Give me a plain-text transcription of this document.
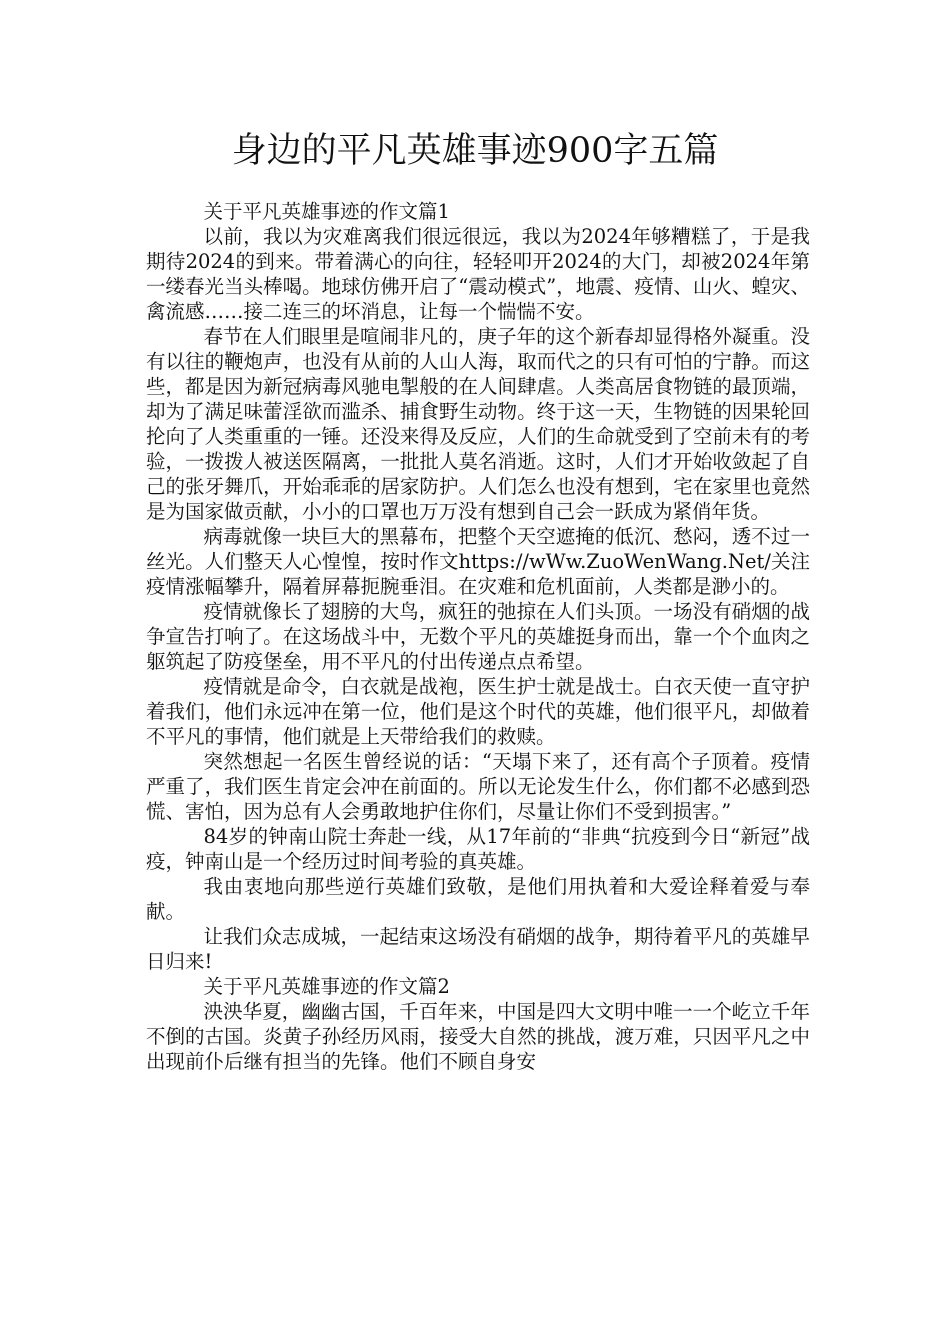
身边的平凡英雄事迹900字五篇

关于平凡英雄事迹的作文篇1

以前，我以为灾难离我们很远很远，我以为2024年够糟糕了，于是我期待2024的到来。带着满心的向往，轻轻叩开2024的大门，却被2024年第一缕春光当头棒喝。地球仿佛开启了“震动模式”，地震、疫情、山火、蝗灾、禽流感……接二连三的坏消息，让每一个惴惴不安。

春节在人们眼里是喧闹非凡的，庚子年的这个新春却显得格外凝重。没有以往的鞭炮声，也没有从前的人山人海，取而代之的只有可怕的宁静。而这些，都是因为新冠病毒风驰电掣般的在人间肆虐。人类高居食物链的最顶端，却为了满足味蕾淫欲而滥杀、捕食野生动物。终于这一天，生物链的因果轮回抡向了人类重重的一锤。还没来得及反应，人们的生命就受到了空前未有的考验，一拨拨人被送医隔离，一批批人莫名消逝。这时，人们才开始收敛起了自己的张牙舞爪，开始乖乖的居家防护。人们怎么也没有想到，宅在家里也竟然是为国家做贡献，小小的口罩也万万没有想到自己会一跃成为紧俏年货。

病毒就像一块巨大的黑幕布，把整个天空遮掩的低沉、愁闷，透不过一丝光。人们整天人心惶惶，按时作文https://wWw.ZuoWenWang.Net/关注疫情涨幅攀升，隔着屏幕扼腕垂泪。在灾难和危机面前，人类都是渺小的。

疫情就像长了翅膀的大鸟，疯狂的弛掠在人们头顶。一场没有硝烟的战争宣告打响了。在这场战斗中，无数个平凡的英雄挺身而出，靠一个个血肉之躯筑起了防疫堡垒，用不平凡的付出传递点点希望。

疫情就是命令，白衣就是战袍，医生护士就是战士。白衣天使一直守护着我们，他们永远冲在第一位，他们是这个时代的英雄，他们很平凡，却做着不平凡的事情，他们就是上天带给我们的救赎。

突然想起一名医生曾经说的话：“天塌下来了，还有高个子顶着。疫情严重了，我们医生肯定会冲在前面的。所以无论发生什么，你们都不必感到恐慌、害怕，因为总有人会勇敢地护住你们，尽量让你们不受到损害。”

84岁的钟南山院士奔赴一线，从17年前的“非典“抗疫到今日“新冠”战疫，钟南山是一个经历过时间考验的真英雄。

我由衷地向那些逆行英雄们致敬，是他们用执着和大爱诠释着爱与奉献。

让我们众志成城，一起结束这场没有硝烟的战争，期待着平凡的英雄早日归来!

关于平凡英雄事迹的作文篇2

泱泱华夏，幽幽古国，千百年来，中国是四大文明中唯一一个屹立千年不倒的古国。炎黄子孙经历风雨，接受大自然的挑战，渡万难，只因平凡之中出现前仆后继有担当的先锋。他们不顾自身安
